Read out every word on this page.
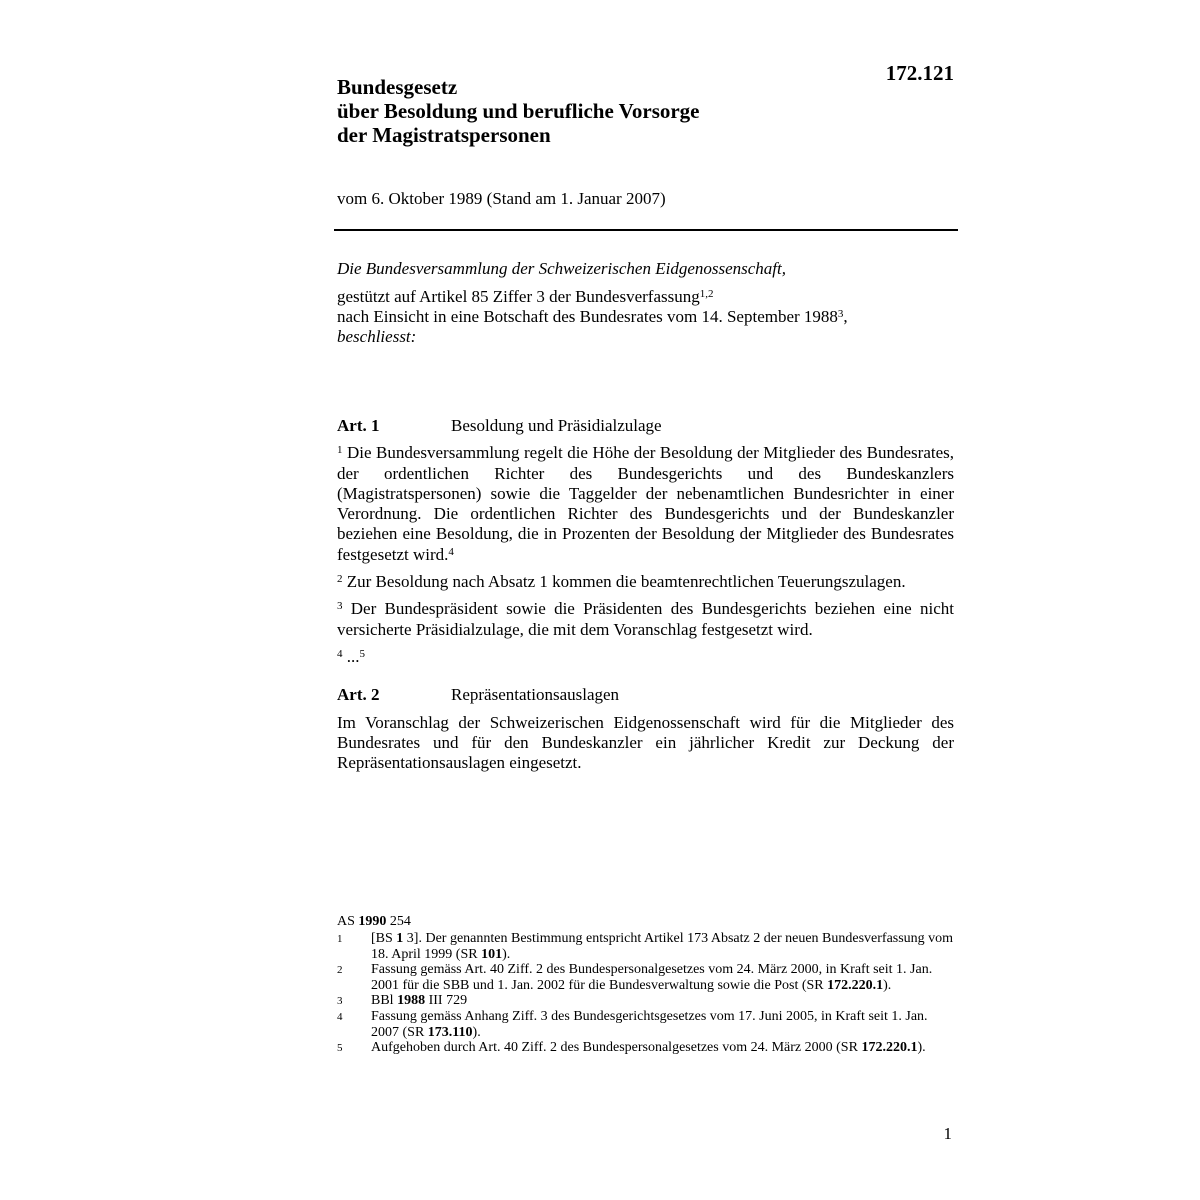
Bundesgesetz
über Besoldung und berufliche Vorsorge
der Magistratspersonen
172.121
vom 6. Oktober 1989 (Stand am 1. Januar 2007)
Die Bundesversammlung der Schweizerischen Eidgenossenschaft,
gestützt auf Artikel 85 Ziffer 3 der Bundesverfassung$^{1,2}$
nach Einsicht in eine Botschaft des Bundesrates vom 14. September 1988$^3$,
beschliesst:
Art. 1	Besoldung und Präsidialzulage
$^1$ Die Bundesversammlung regelt die Höhe der Besoldung der Mitglieder des Bundesrates, der ordentlichen Richter des Bundesgerichts und des Bundeskanzlers (Magistratspersonen) sowie die Taggelder der nebenamtlichen Bundesrichter in einer Verordnung. Die ordentlichen Richter des Bundesgerichts und der Bundeskanzler beziehen eine Besoldung, die in Prozenten der Besoldung der Mitglieder des Bundesrates festgesetzt wird.$^4$
$^2$ Zur Besoldung nach Absatz 1 kommen die beamtenrechtlichen Teuerungszulagen.
$^3$ Der Bundespräsident sowie die Präsidenten des Bundesgerichts beziehen eine nicht versicherte Präsidialzulage, die mit dem Voranschlag festgesetzt wird.
$^4$ ...$^5$
Art. 2	Repräsentationsauslagen
Im Voranschlag der Schweizerischen Eidgenossenschaft wird für die Mitglieder des Bundesrates und für den Bundeskanzler ein jährlicher Kredit zur Deckung der Repräsentationsauslagen eingesetzt.
AS 1990 254
1	[BS 1 3]. Der genannten Bestimmung entspricht Artikel 173 Absatz 2 der neuen Bundesverfassung vom 18. April 1999 (SR 101).
2	Fassung gemäss Art. 40 Ziff. 2 des Bundespersonalgesetzes vom 24. März 2000, in Kraft seit 1. Jan. 2001 für die SBB und 1. Jan. 2002 für die Bundesverwaltung sowie die Post (SR 172.220.1).
3	BBl 1988 III 729
4	Fassung gemäss Anhang Ziff. 3 des Bundesgerichtsgesetzes vom 17. Juni 2005, in Kraft seit 1. Jan. 2007 (SR 173.110).
5	Aufgehoben durch Art. 40 Ziff. 2 des Bundespersonalgesetzes vom 24. März 2000 (SR 172.220.1).
1
